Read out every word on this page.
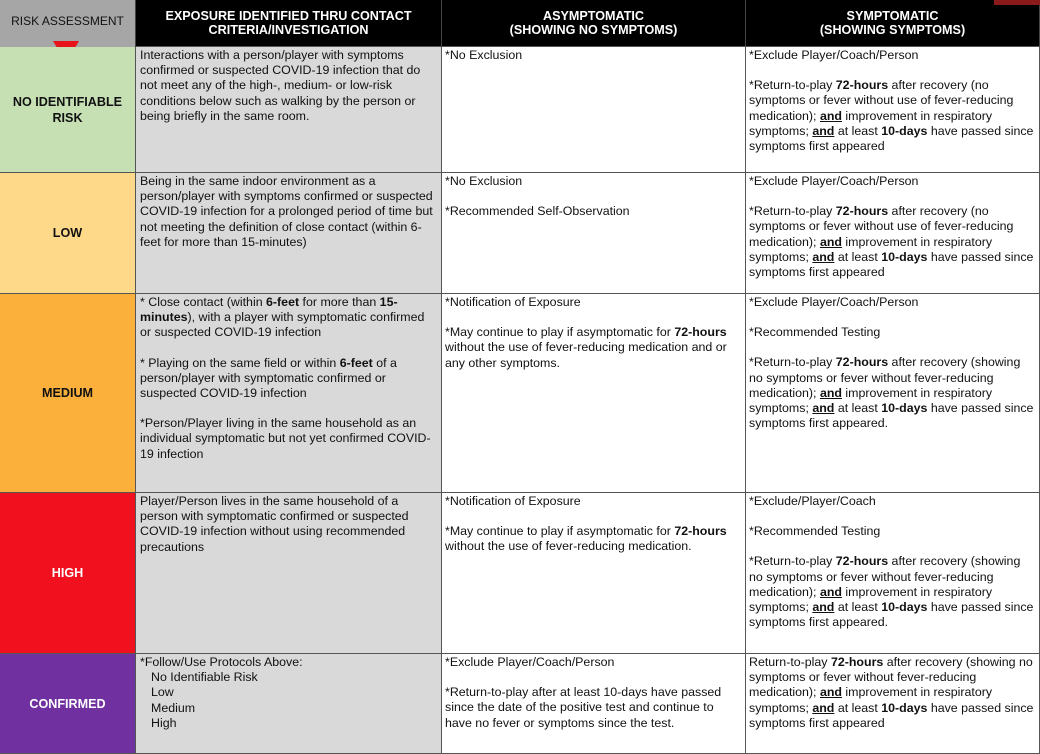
RISK ASSESSMENT	EXPOSURE IDENTIFIED THRU CONTACT CRITERIA/INVESTIGATION
ASYMPTOMATIC
(SHOWING NO SYMPTOMS)
SYMPTOMATIC
(SHOWING SYMPTOMS)
NO IDENTIFIABLE RISK

Interactions with a person/player with symptoms confirmed or suspected COVID-19 infection that do not meet any of the high-, medium- or low-risk conditions below such as walking by the person or being briefly in the same room.

*No Exclusion	*Exclude Player/Coach/Person

*Return-to-play 72-hours after recovery (no symptoms or fever without use of fever-reducing medication); and improvement in respiratory symptoms; and at least 10-days have passed since symptoms first appeared

LOW

Being in the same indoor environment as a person/player with symptoms confirmed or suspected COVID-19 infection for a prolonged period of time but not meeting the definition of close contact (within 6-feet for more than 15-minutes)

*No Exclusion

*Recommended Self-Observation

*Exclude Player/Coach/Person

*Return-to-play 72-hours after recovery (no symptoms or fever without use of fever-reducing medication); and improvement in respiratory symptoms; and at least 10-days have passed since symptoms first appeared

MEDIUM

* Close contact (within 6-feet for more than 15-minutes), with a player with symptomatic confirmed or suspected COVID-19 infection

* Playing on the same field or within 6-feet of a person/player with symptomatic confirmed or suspected COVID-19 infection

*Person/Player living in the same household as an individual symptomatic but not yet confirmed COVID-19 infection

*Notification of Exposure

*May continue to play if asymptomatic for 72-hours without the use of fever-reducing medication and or any other symptoms.

*Exclude Player/Coach/Person

*Recommended Testing

*Return-to-play 72-hours after recovery (showing no symptoms or fever without fever-reducing medication); and improvement in respiratory symptoms; and at least 10-days have passed since symptoms first appeared.

HIGH

Player/Person lives in the same household of a person with symptomatic confirmed or suspected COVID-19 infection without using recommended precautions

*Notification of Exposure

*May continue to play if asymptomatic for 72-hours without the use of fever-reducing medication.

*Exclude/Player/Coach

*Recommended Testing

*Return-to-play 72-hours after recovery (showing no symptoms or fever without fever-reducing medication); and improvement in respiratory symptoms; and at least 10-days have passed since symptoms first appeared.

CONFIRMED

*Follow/Use Protocols Above:

No Identifiable Risk

Low

Medium

High

*Exclude Player/Coach/Person

*Return-to-play after at least 10-days have passed since the date of the positive test and continue to have no fever or symptoms since the test.

Return-to-play 72-hours after recovery (showing no symptoms or fever without fever-reducing medication); and improvement in respiratory symptoms; and at least 10-days have passed since symptoms first appeared
